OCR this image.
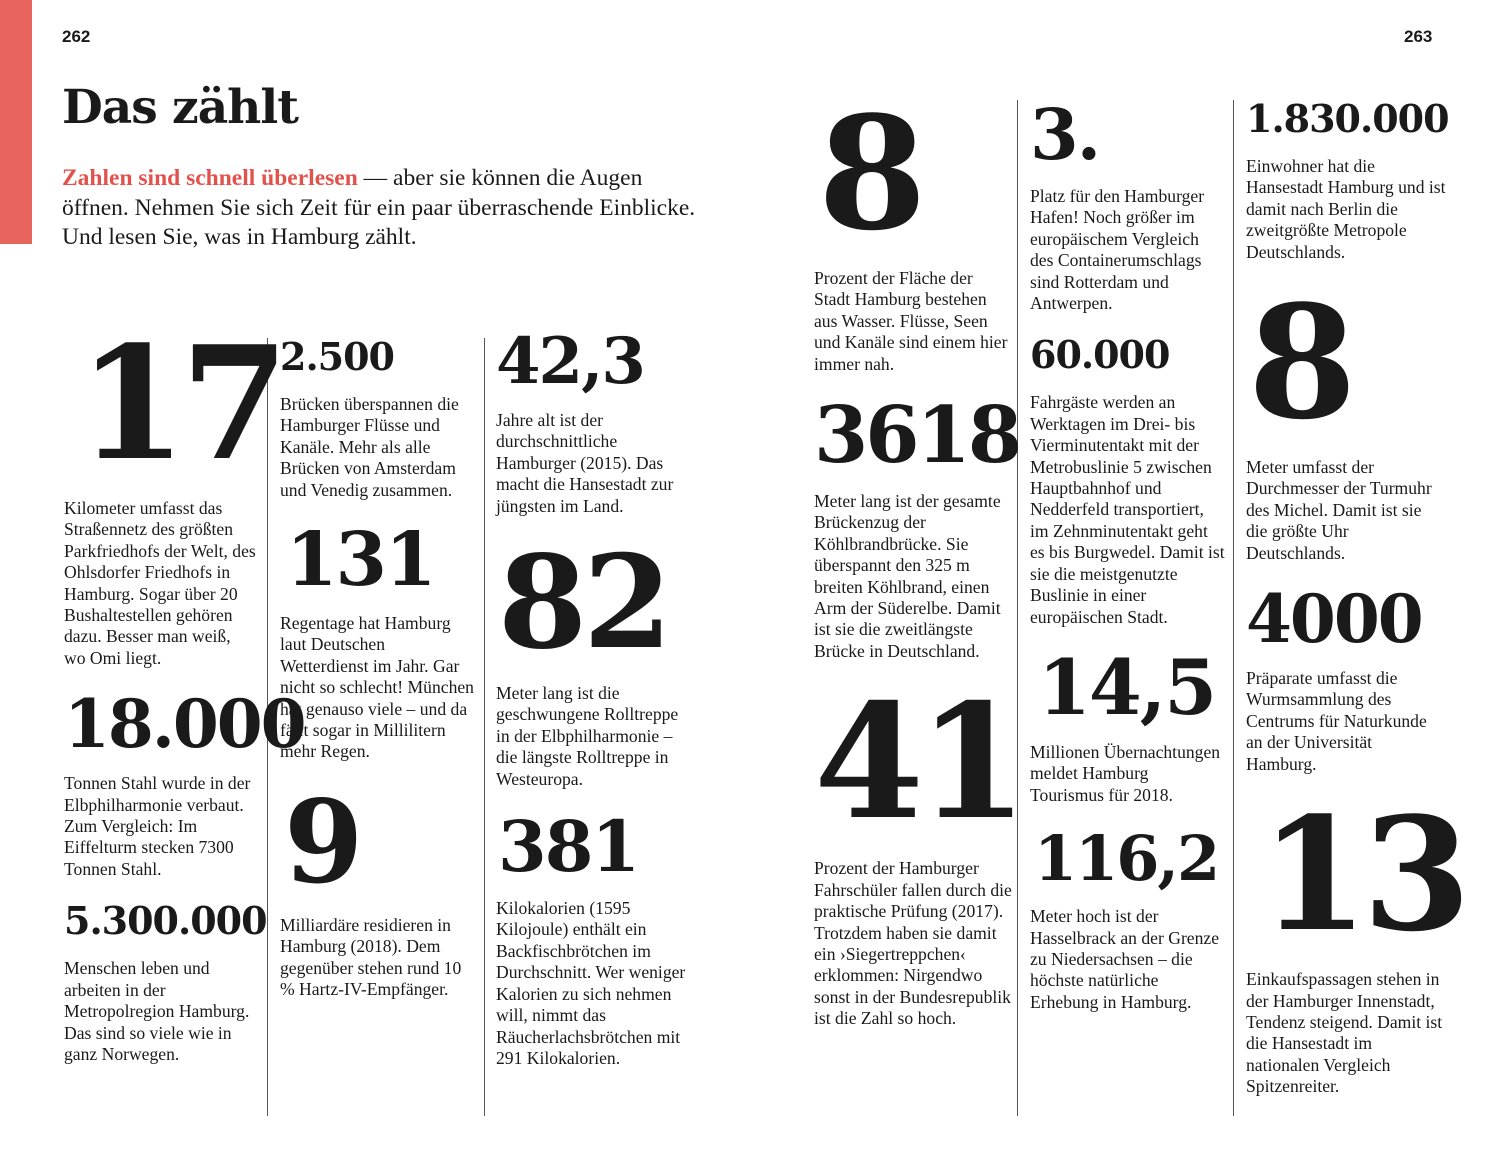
262	263
Das zählt

Zahlen sind schnell überlesen — aber sie können die Augen öffnen. Nehmen Sie sich Zeit für ein paar überraschende Einblicke. Und lesen Sie, was in Hamburg zählt.

17

Kilometer umfasst das Straßennetz des größten Parkfriedhofs der Welt, des Ohlsdorfer Friedhofs in Hamburg. Sogar über 20 Bushaltestellen gehören dazu. Besser man weiß, wo Omi liegt.

18.000

Tonnen Stahl wurde in der Elbphilharmonie verbaut. Zum Vergleich: Im Eiffelturm stecken 7300 Tonnen Stahl.

5.300.000

Menschen leben und arbeiten in der Metropolregion Hamburg. Das sind so viele wie in ganz Norwegen.

2.500

Brücken überspannen die Hamburger Flüsse und Kanäle. Mehr als alle Brücken von Amsterdam und Venedig zusammen.

131

Regentage hat Hamburg laut Deutschen Wetterdienst im Jahr. Gar nicht so schlecht! München hat genauso viele – und da fällt sogar in Millilitern mehr Regen.

9

Milliardäre residieren in Hamburg (2018). Dem gegenüber stehen rund 10 % Hartz-IV-Empfänger.

42,3

Jahre alt ist der durchschnittliche Hamburger (2015). Das macht die Hansestadt zur jüngsten im Land.

82

Meter lang ist die geschwungene Rolltreppe in der Elbphilharmonie – die längste Rolltreppe in Westeuropa.

381

Kilokalorien (1595 Kilojoule) enthält ein Backfischbrötchen im Durchschnitt. Wer weniger Kalorien zu sich nehmen will, nimmt das Räucherlachsbrötchen mit 291 Kilokalorien.

8

Prozent der Fläche der Stadt Hamburg bestehen aus Wasser. Flüsse, Seen und Kanäle sind einem hier immer nah.

3618

Meter lang ist der gesamte Brückenzug der Köhlbrandbrücke. Sie überspannt den 325 m breiten Köhlbrand, einen Arm der Süderelbe. Damit ist sie die zweitlängste Brücke in Deutschland.

41

Prozent der Hamburger Fahrschüler fallen durch die praktische Prüfung (2017). Trotzdem haben sie damit ein ›Siegertreppchen‹ erklommen: Nirgendwo sonst in der Bundesrepublik ist die Zahl so hoch.

3.

Platz für den Hamburger Hafen! Noch größer im europäischem Vergleich des Containerumschlags sind Rotterdam und Antwerpen.

60.000

Fahrgäste werden an Werktagen im Drei- bis Vierminutentakt mit der Metrobuslinie 5 zwischen Hauptbahnhof und Nedderfeld transportiert, im Zehnminutentakt geht es bis Burgwedel. Damit ist sie die meistgenutzte Buslinie in einer europäischen Stadt.

14,5

Millionen Übernachtungen meldet Hamburg Tourismus für 2018.

116,2

Meter hoch ist der Hasselbrack an der Grenze zu Niedersachsen – die höchste natürliche Erhebung in Hamburg.

1.830.000

Einwohner hat die Hansestadt Hamburg und ist damit nach Berlin die zweitgrößte Metropole Deutschlands.

8

Meter umfasst der Durchmesser der Turmuhr des Michel. Damit ist sie die größte Uhr Deutschlands.

4000

Präparate umfasst die Wurmsammlung des Centrums für Naturkunde an der Universität Hamburg.

13

Einkaufspassagen stehen in der Hamburger Innenstadt, Tendenz steigend. Damit ist die Hansestadt im nationalen Vergleich Spitzenreiter.
